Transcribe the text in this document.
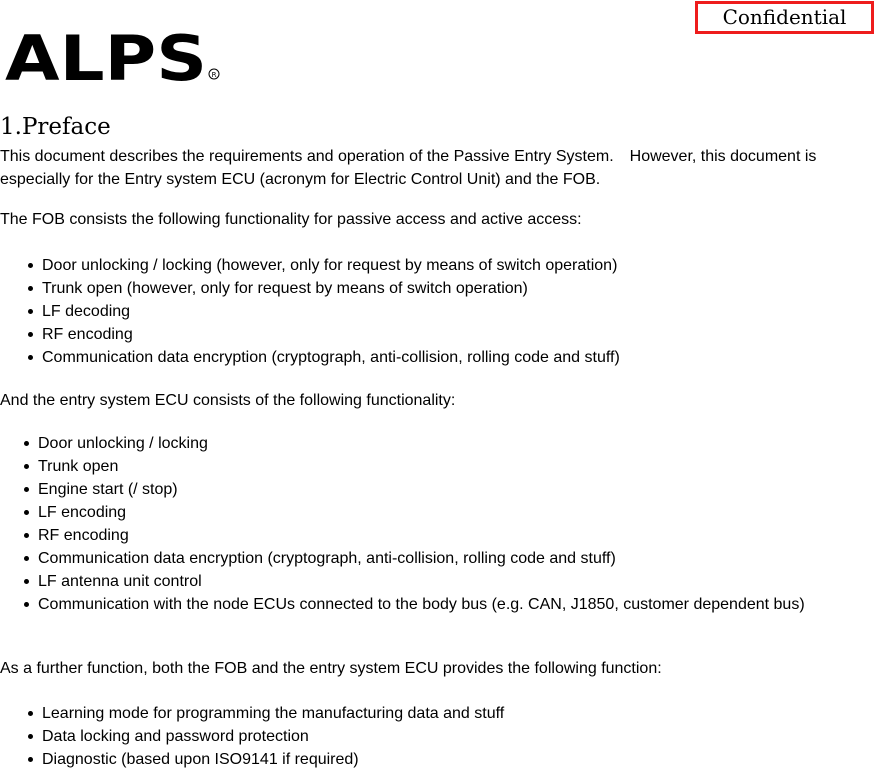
ALPS R
Confidential
1.Preface

This document describes the requirements and operation of the Passive Entry System.　However, this document is especially for the Entry system ECU (acronym for Electric Control Unit) and the FOB.

The FOB consists the following functionality for passive access and active access:

Door unlocking / locking (however, only for request by means of switch operation)
Trunk open (however, only for request by means of switch operation)
LF decoding
RF encoding
Communication data encryption (cryptograph, anti-collision, rolling code and stuff)

And the entry system ECU consists of the following functionality:

Door unlocking / locking
Trunk open
Engine start (/ stop)
LF encoding
RF encoding
Communication data encryption (cryptograph, anti-collision, rolling code and stuff)
LF antenna unit control
Communication with the node ECUs connected to the body bus (e.g. CAN, J1850, customer dependent bus)

As a further function, both the FOB and the entry system ECU provides the following function:

Learning mode for programming the manufacturing data and stuff
Data locking and password protection
Diagnostic (based upon ISO9141 if required)
